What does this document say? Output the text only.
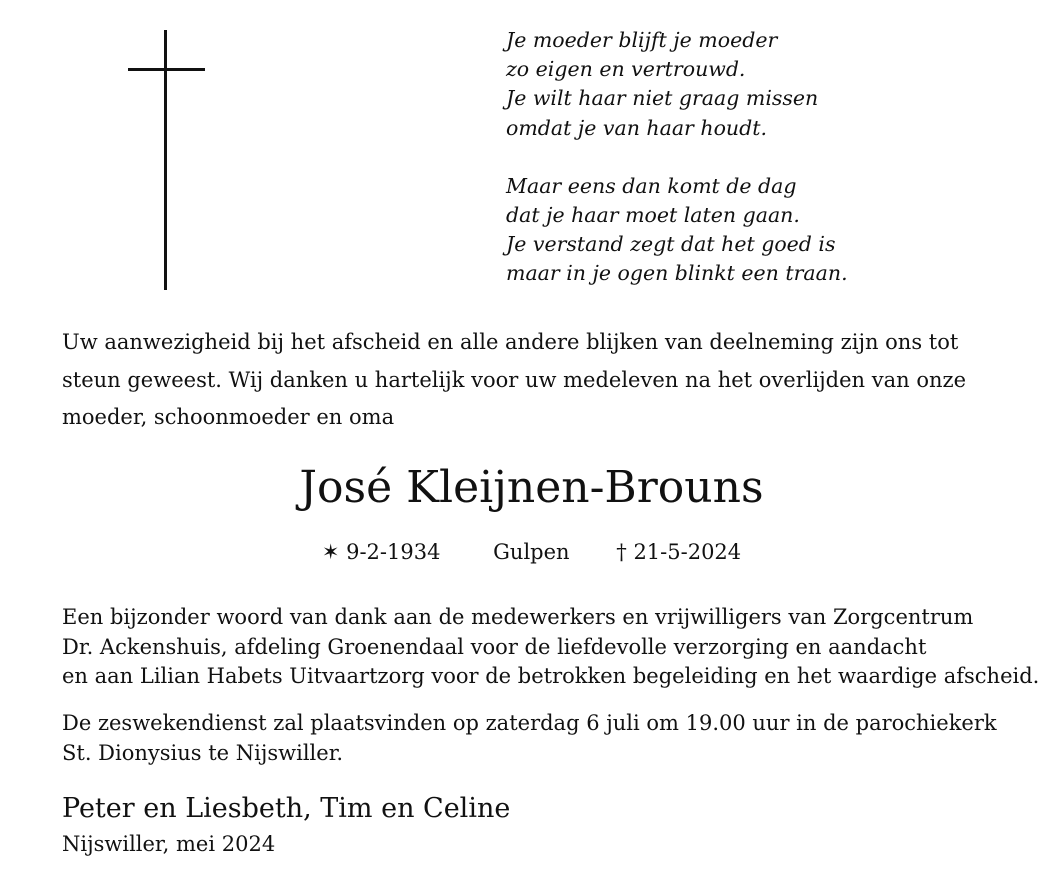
Je moeder blijft je moeder
zo eigen en vertrouwd.
Je wilt haar niet graag missen
omdat je van haar houdt.
Maar eens dan komt de dag
dat je haar moet laten gaan.
Je verstand zegt dat het goed is
maar in je ogen blinkt een traan.
Uw aanwezigheid bij het afscheid en alle andere blijken van deelneming zijn ons tot
steun geweest. Wij danken u hartelijk voor uw medeleven na het overlijden van onze
moeder, schoonmoeder en oma
José Kleijnen-Brouns
✶ 9-2-1934	Gulpen † 21-5-2024
Een bijzonder woord van dank aan de medewerkers en vrijwilligers van Zorgcentrum
Dr. Ackenshuis, afdeling Groenendaal voor de liefdevolle verzorging en aandacht
en aan Lilian Habets Uitvaartzorg voor de betrokken begeleiding en het waardige afscheid.
De zeswekendienst zal plaatsvinden op zaterdag 6 juli om 19.00 uur in de parochiekerk
St. Dionysius te Nijswiller.
Peter en Liesbeth, Tim en Celine
Nijswiller, mei 2024
